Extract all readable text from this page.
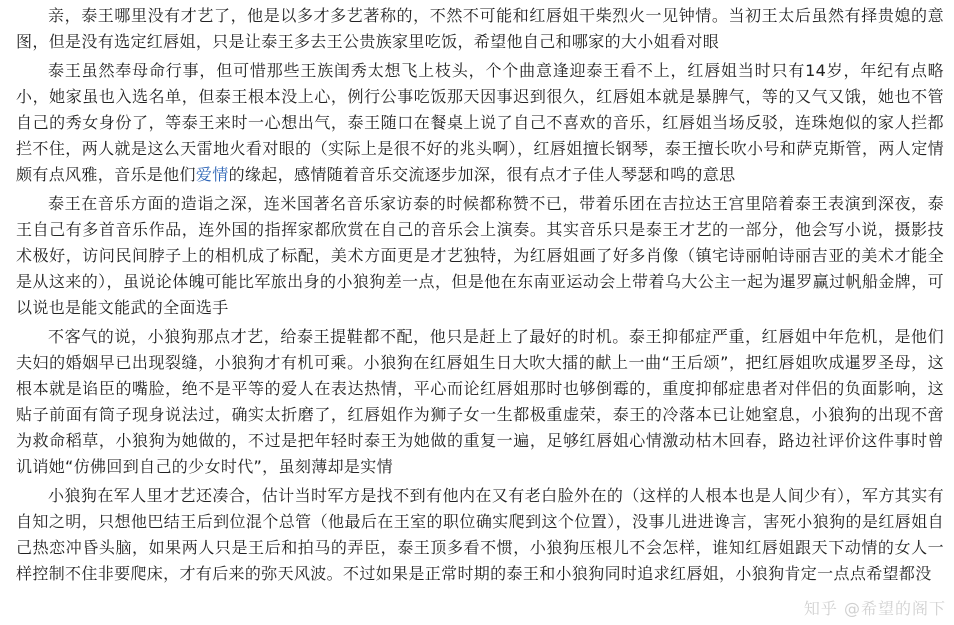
亲，泰王哪里没有才艺了，他是以多才多艺著称的，不然不可能和红唇姐干柴烈火一见钟情。当初王太后虽然有择贵媳的意图，但是没有选定红唇姐，只是让泰王多去王公贵族家里吃饭，希望他自己和哪家的大小姐看对眼

泰王虽然奉母命行事，但可惜那些王族闺秀太想飞上枝头，个个曲意逢迎泰王看不上，红唇姐当时只有14岁，年纪有点略小，她家虽也入选名单，但泰王根本没上心，例行公事吃饭那天因事迟到很久，红唇姐本就是暴脾气，等的又气又饿，她也不管自己的秀女身份了，等泰王来时一心想出气，泰王随口在餐桌上说了自己不喜欢的音乐，红唇姐当场反驳，连珠炮似的家人拦都拦不住，两人就是这么天雷地火看对眼的（实际上是很不好的兆头啊），红唇姐擅长钢琴，泰王擅长吹小号和萨克斯管，两人定情颇有点风雅，音乐是他们爱情的缘起，感情随着音乐交流逐步加深，很有点才子佳人琴瑟和鸣的意思

泰王在音乐方面的造诣之深，连米国著名音乐家访泰的时候都称赞不已，带着乐团在吉拉达王宫里陪着泰王表演到深夜，泰王自己有多首音乐作品，连外国的指挥家都欣赏在自己的音乐会上演奏。其实音乐只是泰王才艺的一部分，他会写小说，摄影技术极好，访问民间脖子上的相机成了标配，美术方面更是才艺独特，为红唇姐画了好多肖像（镇宅诗丽帕诗丽吉亚的美术才能全是从这来的），虽说论体魄可能比军旅出身的小狼狗差一点，但是他在东南亚运动会上带着乌大公主一起为暹罗赢过帆船金牌，可以说也是能文能武的全面选手

不客气的说，小狼狗那点才艺，给泰王提鞋都不配，他只是赶上了最好的时机。泰王抑郁症严重，红唇姐中年危机，是他们夫妇的婚姻早已出现裂缝，小狼狗才有机可乘。小狼狗在红唇姐生日大吹大擂的献上一曲“王后颂”，把红唇姐吹成暹罗圣母，这根本就是谄臣的嘴脸，绝不是平等的爱人在表达热情，平心而论红唇姐那时也够倒霉的，重度抑郁症患者对伴侣的负面影响，这贴子前面有筒子现身说法过，确实太折磨了，红唇姐作为狮子女一生都极重虚荣，泰王的冷落本已让她窒息，小狼狗的出现不啻为救命稻草，小狼狗为她做的，不过是把年轻时泰王为她做的重复一遍，足够红唇姐心情激动枯木回春，路边社评价这件事时曾讥诮她“仿佛回到自己的少女时代”，虽刻薄却是实情

小狼狗在军人里才艺还凑合，估计当时军方是找不到有他内在又有老白脸外在的（这样的人根本也是人间少有），军方其实有自知之明，只想他巴结王后到位混个总管（他最后在王室的职位确实爬到这个位置），没事儿进进谗言，害死小狼狗的是红唇姐自己热恋冲昏头脑，如果两人只是王后和拍马的弄臣，泰王顶多看不惯，小狼狗压根儿不会怎样，谁知红唇姐跟天下动情的女人一样控制不住非要爬床，才有后来的弥天风波。不过如果是正常时期的泰王和小狼狗同时追求红唇姐，小狼狗肯定一点点希望都没

知乎 @希望的阁下
